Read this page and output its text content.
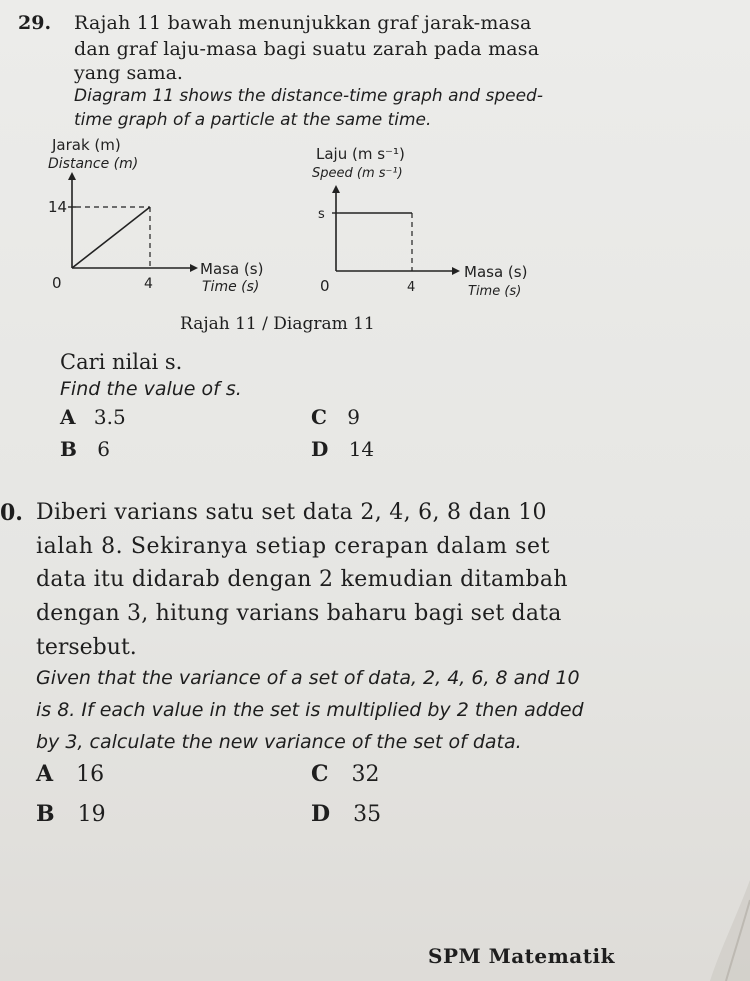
29. Rajah 11 bawah menunjukkan graf jarak-masa
dan graf laju-masa bagi suatu zarah pada masa
yang sama.
Diagram 11 shows the distance-time graph and speed-
time graph of a particle at the same time.
Jarak (m)
Distance (m)
14
0	4
Masa (s)
Time (s)
Laju (m s⁻¹)
Speed (m s⁻¹)
s
0	4
Masa (s)
Time (s)
Rajah 11 / Diagram 11
Cari nilai s.
Find the value of s.
A 3.5
B 6
C 9
D 14
0. Diberi varians satu set data 2, 4, 6, 8 dan 10
ialah 8. Sekiranya setiap cerapan dalam set
data itu didarab dengan 2 kemudian ditambah
dengan 3, hitung varians baharu bagi set data
tersebut.
Given that the variance of a set of data, 2, 4, 6, 8 and 10
is 8. If each value in the set is multiplied by 2 then added
by 3, calculate the new variance of the set of data.
A 16
B 19
C 32
D 35
SPM Matematik
